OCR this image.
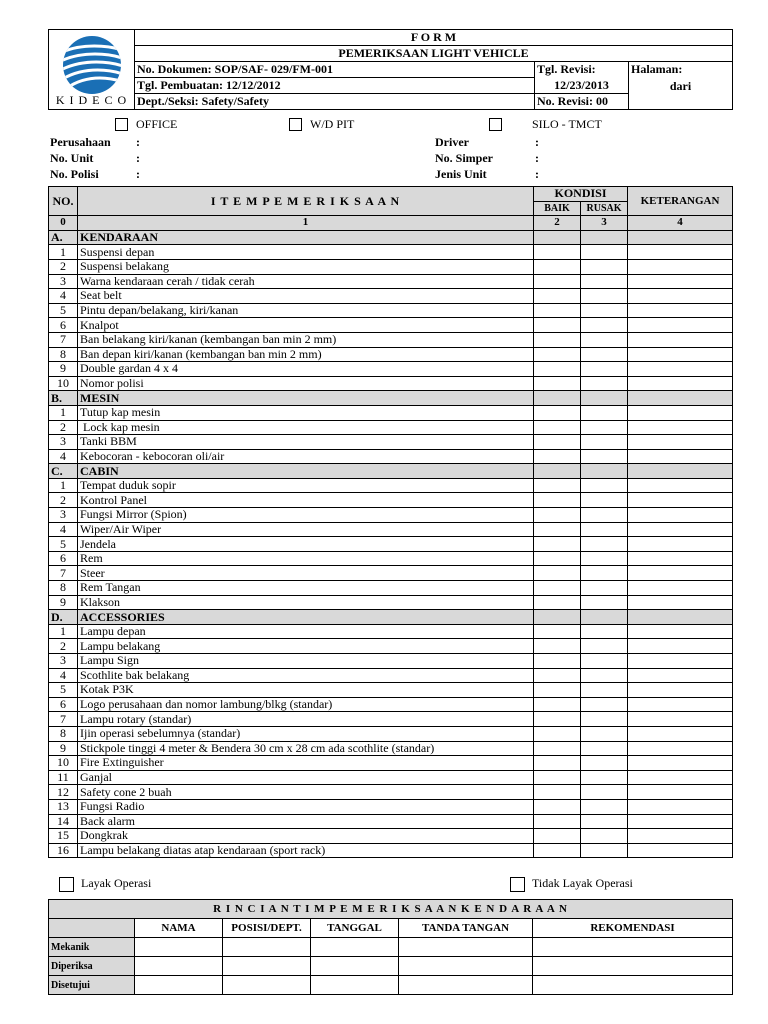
K I D E C O	F O R M		
	PEMERIKSAAN LIGHT VEHICLE		
	No. Dokumen: SOP/SAF- 029/FM-001	Tgl. Revisi:	Halaman:
	Tgl. Pembuatan: 12/12/2012	12/23/2013	dari
	Dept./Seksi: Safety/Safety	No. Revisi: 00	
OFFICE	W/D PIT	SILO - TMCT
Perusahaan :
No. Unit	:
No. Polisi	:
Driver	:
No. Simper	:
Jenis Unit	:
NO.	I T E M P E M E R I K S A A N	KONDISI		KETERANGAN
		BAIK	RUSAK	
0	1	2	3	4
A.	KENDARAAN			
1	Suspensi depan			
2	Suspensi belakang			
3	Warna kendaraan cerah / tidak cerah			
4	Seat belt			
5	Pintu depan/belakang, kiri/kanan			
6	Knalpot			
7	Ban belakang kiri/kanan (kembangan ban min 2 mm)			
8	Ban depan kiri/kanan (kembangan ban min 2 mm)			
9	Double gardan 4 x 4			
10	Nomor polisi			
B.	MESIN			
1	Tutup kap mesin			
2	Lock kap mesin			
3	Tanki BBM			
4	Kebocoran - kebocoran oli/air			
C.	CABIN			
1	Tempat duduk sopir			
2	Kontrol Panel			
3	Fungsi Mirror (Spion)			
4	Wiper/Air Wiper			
5	Jendela			
6	Rem			
7	Steer			
8	Rem Tangan			
9	Klakson			
D.	ACCESSORIES			
1	Lampu depan			
2	Lampu belakang			
3	Lampu Sign			
4	Scothlite bak belakang			
5	Kotak P3K			
6	Logo perusahaan dan nomor lambung/blkg (standar)			
7	Lampu rotary (standar)			
8	Ijin operasi sebelumnya (standar)			
9	Stickpole tinggi 4 meter & Bendera 30 cm x 28 cm ada scothlite (standar)			
10	Fire Extinguisher			
11	Ganjal			
12	Safety cone 2 buah			
13	Fungsi Radio			
14	Back alarm			
15	Dongkrak			
16	Lampu belakang diatas atap kendaraan (sport rack)			
Layak Operasi	Tidak Layak Operasi
R I N C I A N T I M P E M E R I K S A A N K E N D A R A A N					
	NAMA	POSISI/DEPT.	TANGGAL	TANDA TANGAN	REKOMENDASI
Mekanik					
Diperiksa					
Disetujui					
